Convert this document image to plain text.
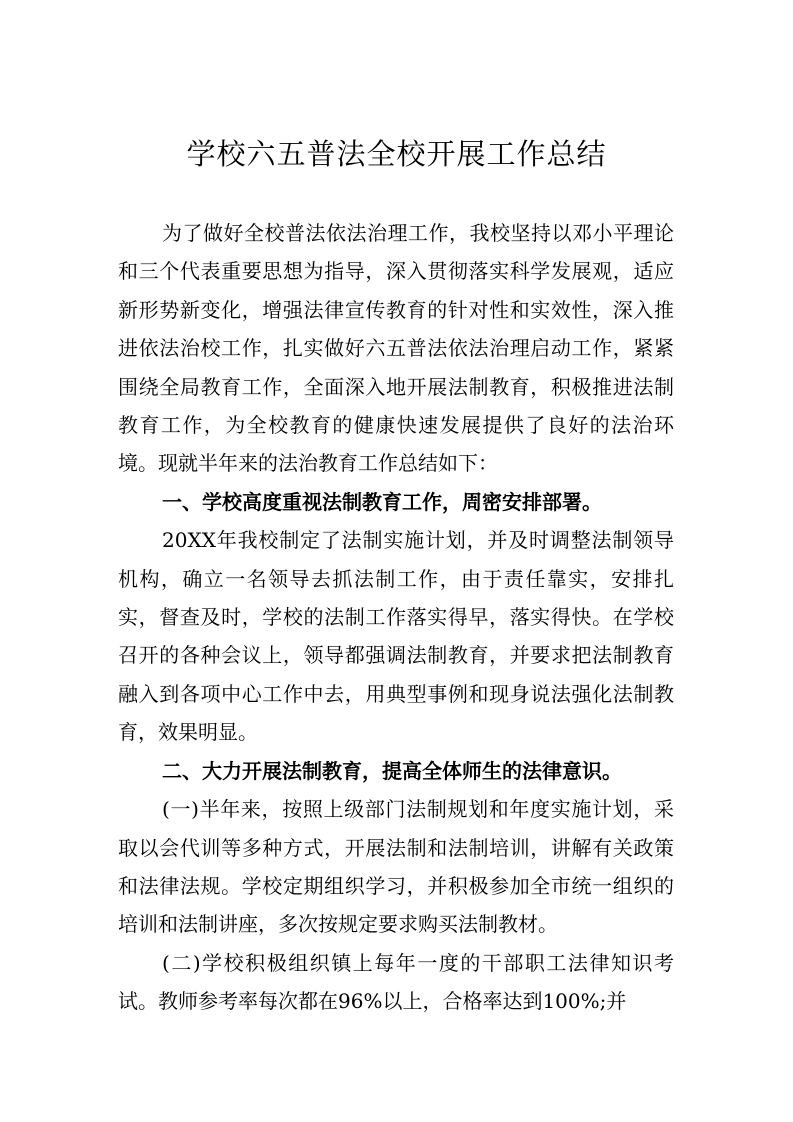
学校六五普法全校开展工作总结

为了做好全校普法依法治理工作，我校坚持以邓小平理论和三个代表重要思想为指导，深入贯彻落实科学发展观，适应新形势新变化，增强法律宣传教育的针对性和实效性，深入推进依法治校工作，扎实做好六五普法依法治理启动工作，紧紧围绕全局教育工作，全面深入地开展法制教育，积极推进法制教育工作，为全校教育的健康快速发展提供了良好的法治环境。现就半年来的法治教育工作总结如下：

一、学校高度重视法制教育工作，周密安排部署。

20XX年我校制定了法制实施计划，并及时调整法制领导机构，确立一名领导去抓法制工作，由于责任靠实，安排扎实，督查及时，学校的法制工作落实得早，落实得快。在学校召开的各种会议上，领导都强调法制教育，并要求把法制教育融入到各项中心工作中去，用典型事例和现身说法强化法制教育，效果明显。

二、大力开展法制教育，提高全体师生的法律意识。

(一)半年来，按照上级部门法制规划和年度实施计划，采取以会代训等多种方式，开展法制和法制培训，讲解有关政策和法律法规。学校定期组织学习，并积极参加全市统一组织的培训和法制讲座，多次按规定要求购买法制教材。

(二)学校积极组织镇上每年一度的干部职工法律知识考试。教师参考率每次都在96%以上，合格率达到100%;并
